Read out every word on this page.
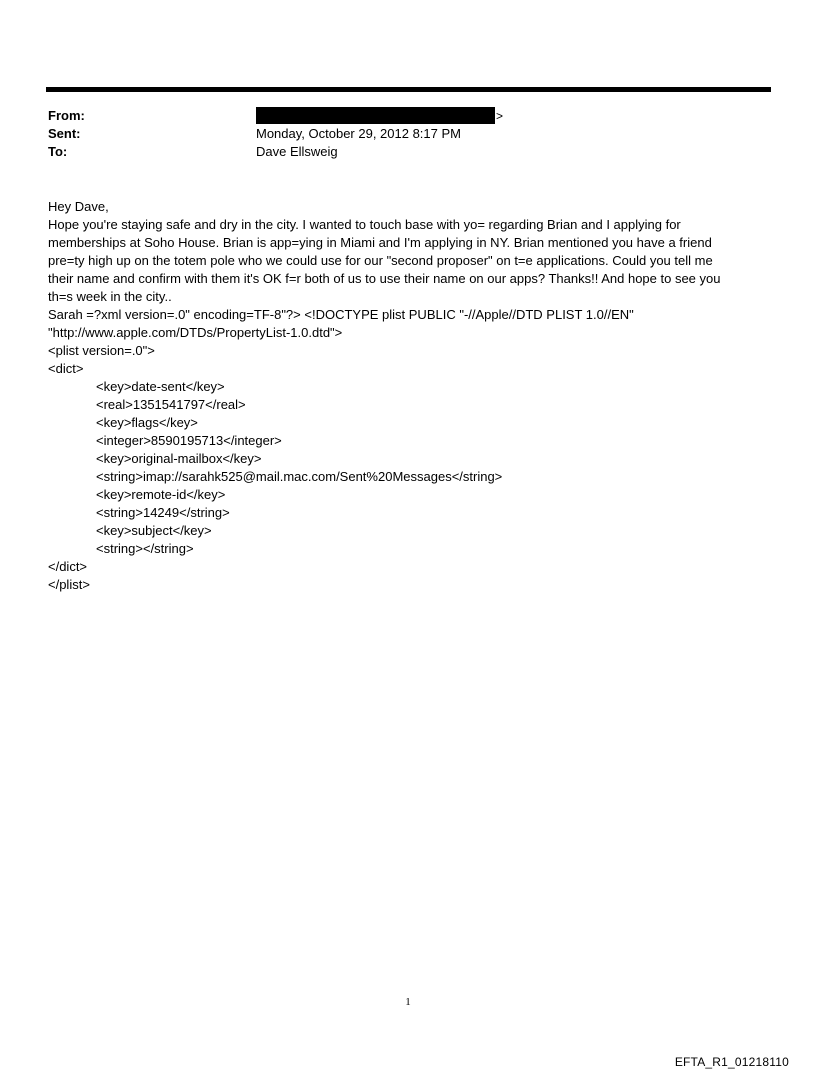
From:	>
Sent:	Monday, October 29, 2012 8:17 PM
To:	Dave Ellsweig
Hey Dave,
Hope you're staying safe and dry in the city. I wanted to touch base with yo= regarding Brian and I applying for
memberships at Soho House. Brian is app=ying in Miami and I'm applying in NY. Brian mentioned you have a friend
pre=ty high up on the totem pole who we could use for our "second proposer" on t=e applications. Could you tell me
their name and confirm with them it's OK f=r both of us to use their name on our apps? Thanks!! And hope to see you
th=s week in the city..
Sarah =?xml version=.0" encoding=TF-8"?> <!DOCTYPE plist PUBLIC "-//Apple//DTD PLIST 1.0//EN"
"http://www.apple.com/DTDs/PropertyList-1.0.dtd">
<plist version=.0">
<dict>
<key>date-sent</key>
<real>1351541797</real>
<key>flags</key>
<integer>8590195713</integer>
<key>original-mailbox</key>
<string>imap://sarahk525@mail.mac.com/Sent%20Messages</string>
<key>remote-id</key>
<string>14249</string>
<key>subject</key>
<string></string>
</dict>
</plist>
1
EFTA_R1_01218110
